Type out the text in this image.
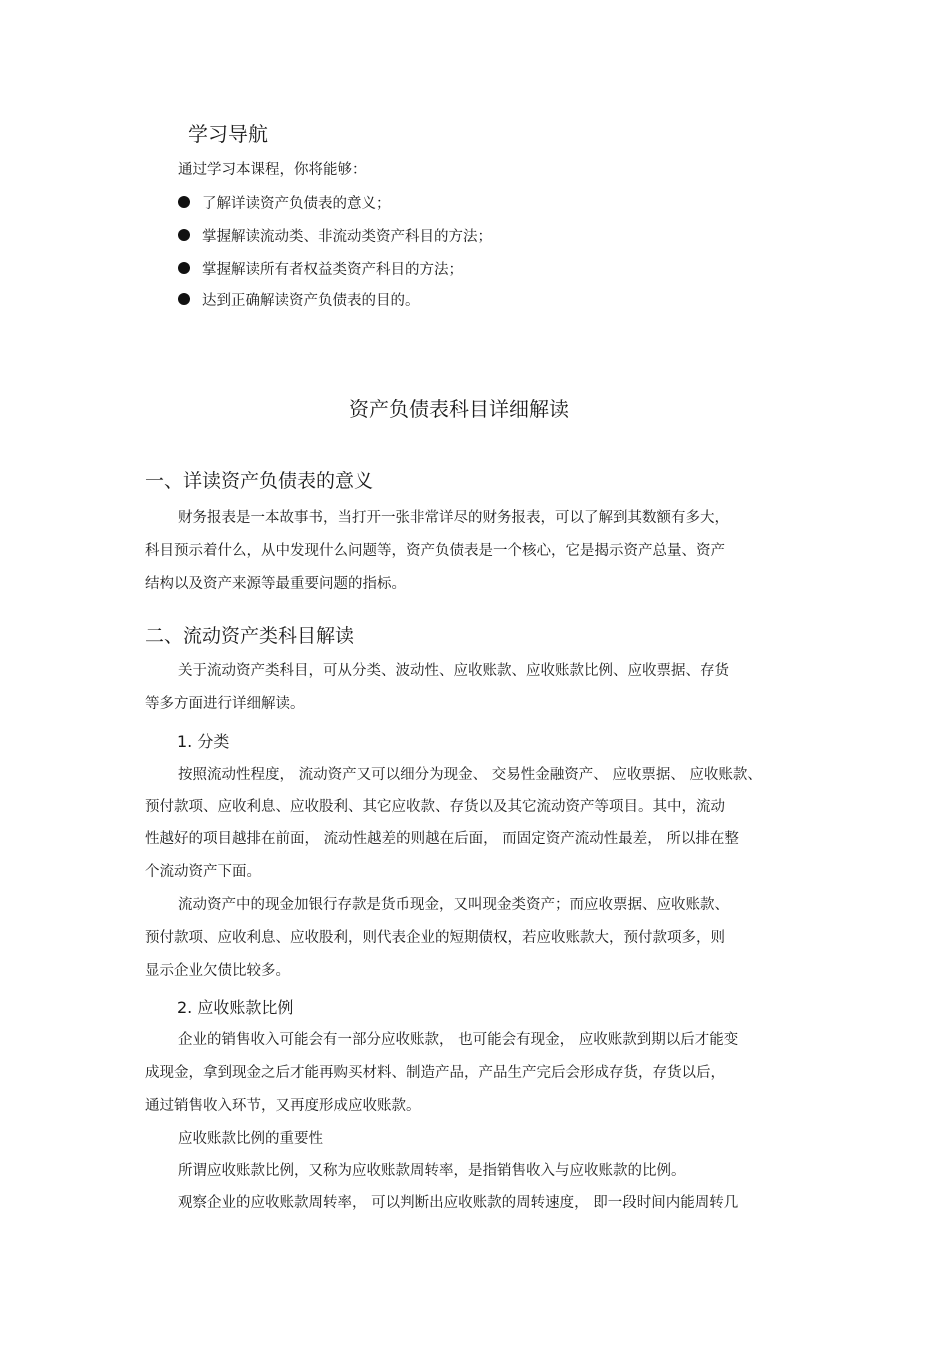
学习导航
通过学习本课程，你将能够：
了解详读资产负债表的意义；
掌握解读流动类、非流动类资产科目的方法；
掌握解读所有者权益类资产科目的方法；
达到正确解读资产负债表的目的。
资产负债表科目详细解读
一、详读资产负债表的意义
财务报表是一本故事书，当打开一张非常详尽的财务报表，可以了解到其数额有多大，
科目预示着什么，从中发现什么问题等，资产负债表是一个核心，它是揭示资产总量、资产
结构以及资产来源等最重要问题的指标。
二、流动资产类科目解读
关于流动资产类科目，可从分类、波动性、应收账款、应收账款比例、应收票据、存货
等多方面进行详细解读。
1. 分类
按照流动性程度， 流动资产又可以细分为现金、 交易性金融资产、 应收票据、 应收账款、
预付款项、应收利息、应收股利、其它应收款、存货以及其它流动资产等项目。其中，流动
性越好的项目越排在前面， 流动性越差的则越在后面， 而固定资产流动性最差， 所以排在整
个流动资产下面。
流动资产中的现金加银行存款是货币现金，又叫现金类资产；而应收票据、应收账款、
预付款项、应收利息、应收股利，则代表企业的短期债权，若应收账款大，预付款项多，则
显示企业欠债比较多。
2. 应收账款比例
企业的销售收入可能会有一部分应收账款， 也可能会有现金， 应收账款到期以后才能变
成现金，拿到现金之后才能再购买材料、制造产品，产品生产完后会形成存货，存货以后，
通过销售收入环节，又再度形成应收账款。
应收账款比例的重要性
所谓应收账款比例，又称为应收账款周转率，是指销售收入与应收账款的比例。
观察企业的应收账款周转率， 可以判断出应收账款的周转速度， 即一段时间内能周转几
